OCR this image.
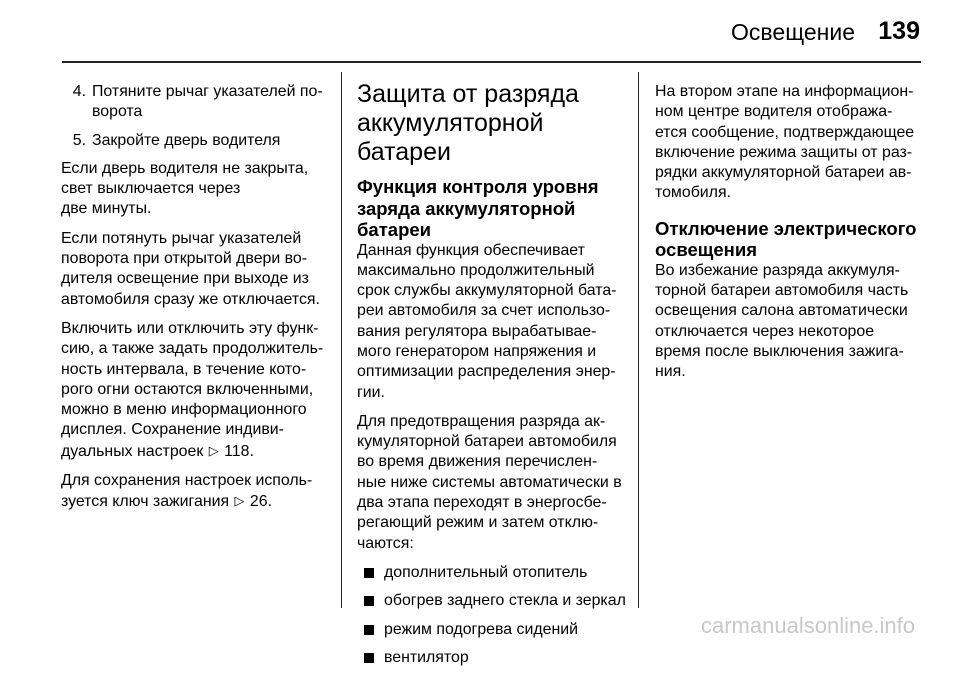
Освещение 139
4. Потяните рычаг указателей по-
ворота
5. Закройте дверь водителя

Если дверь водителя не закрыта,
свет выключается через
две минуты.

Если потянуть рычаг указателей
поворота при открытой двери во-
дителя освещение при выходе из
автомобиля сразу же отключается.

Включить или отключить эту функ-
cию, а также задать продолжитель-
ность интервала, в течение кото-
рого огни остаются включенными,
можно в меню информационного
дисплея. Сохранение индиви-
дуальных настроек ▷ 118.

Для сохранения настроек исполь-
зуется ключ зажигания ▷ 26.

Защита от разряда
аккумуляторной батареи
Функция контроля уровня
заряда аккумуляторной
батареи

Данная функция обеспечивает
максимально продолжительный
срок службы аккумуляторной бата-
реи автомобиля за счет использо-
вания регулятора вырабатывае-
мого генератором напряжения и
оптимизации распределения энер-
гии.

Для предотвращения разряда ак-
кумуляторной батареи автомобиля
во время движения перечислен-
ные ниже системы автоматически в
два этапа переходят в энергосбе-
регающий режим и затем отклю-
чаются:

дополнительный отопитель
обогрев заднего стекла и зеркал
режим подогрева сидений
вентилятор

На втором этапе на информацион-
ном центре водителя отобража-
ется сообщение, подтверждающее
включение режима защиты от раз-
рядки аккумуляторной батареи ав-
томобиля.

Отключение электрического
освещения

Во избежание разряда аккумуля-
торной батареи автомобиля часть
освещения салона автоматически
отключается через некоторое
время после выключения зажига-
ния.

carmanualsonline.info
